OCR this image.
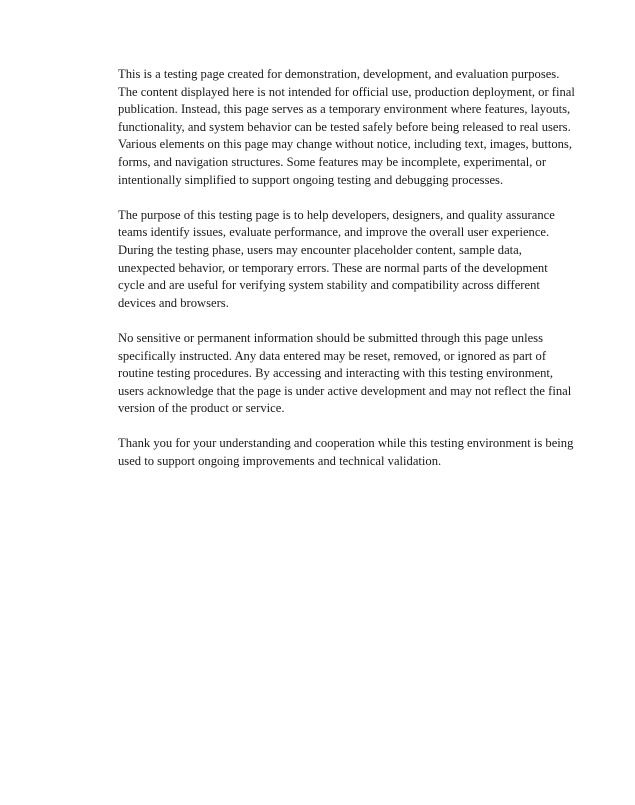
This is a testing page created for demonstration, development, and evaluation purposes.
The content displayed here is not intended for official use, production deployment, or final
publication. Instead, this page serves as a temporary environment where features, layouts,
functionality, and system behavior can be tested safely before being released to real users.
Various elements on this page may change without notice, including text, images, buttons,
forms, and navigation structures. Some features may be incomplete, experimental, or
intentionally simplified to support ongoing testing and debugging processes.

The purpose of this testing page is to help developers, designers, and quality assurance
teams identify issues, evaluate performance, and improve the overall user experience.
During the testing phase, users may encounter placeholder content, sample data,
unexpected behavior, or temporary errors. These are normal parts of the development
cycle and are useful for verifying system stability and compatibility across different
devices and browsers.

No sensitive or permanent information should be submitted through this page unless
specifically instructed. Any data entered may be reset, removed, or ignored as part of
routine testing procedures. By accessing and interacting with this testing environment,
users acknowledge that the page is under active development and may not reflect the final
version of the product or service.

Thank you for your understanding and cooperation while this testing environment is being
used to support ongoing improvements and technical validation.
